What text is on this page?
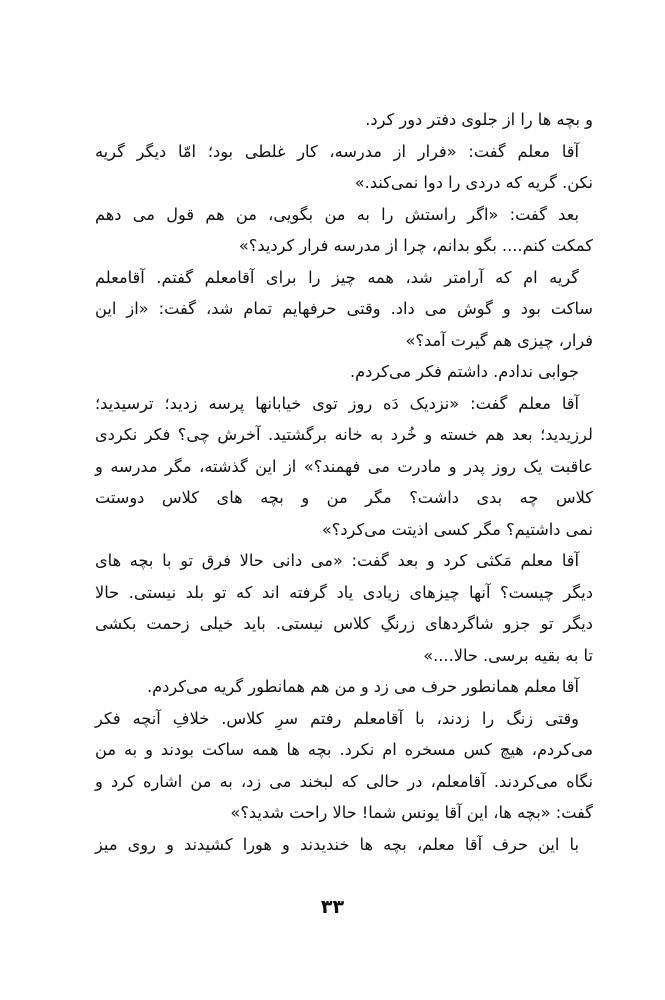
و بچه ها را از جلوی دفتر دور کرد.
آقا معلم گفت: «فرار از مدرسه، کار غلطی بود؛ امّا دیگر گریه
نکن. گریه که دردی را دوا نمی‌کند.»
بعد گفت: «اگر راستش را به من بگویی، من هم قول می دهم
کمکت کنم.... بگو بدانم، چرا از مدرسه فرار کردید؟»
گریه ام که آرامتر شد، همه چیز را برای آقامعلم گفتم. آقامعلم
ساکت بود و گوش می داد. وقتی حرفهایم تمام شد، گفت: «از این
فرار، چیزی هم گیرت آمد؟»
جوابی ندادم. داشتم فکر می‌کردم.
آقا معلم گفت: «نزدیک دَه روز توی خیابانها پرسه زدید؛ ترسیدید؛
لرزیدید؛ بعد هم خسته و خُرد به خانه برگشتید. آخرش چی؟ فکر نکردی
عاقبت یک روز پدر و مادرت می فهمند؟» از این گذشته، مگر مدرسه و
کلاس چه بدی داشت؟ مگر من و بچه های کلاس دوستت
نمی داشتیم؟ مگر کسی اذیتت می‌کرد؟»
آقا معلم مَکثی کرد و بعد گفت: «می دانی حالا فرق تو با بچه های
دیگر چیست؟ آنها چیزهای زیادی یاد گرفته اند که تو بلد نیستی. حالا
دیگر تو جزو شاگردهای زرنگِ کلاس نیستی. باید خیلی زحمت بکشی
تا به بقیه برسی. حالا....»
آقا معلم همانطور حرف می زد و من هم همانطور گریه می‌کردم.
وقتی زنگ را زدند، با آقامعلم رفتم سرِ کلاس. خلافِ آنچه فکر
می‌کردم، هیچ کس مسخره ام نکرد. بچه ها همه ساکت بودند و به من
نگاه می‌کردند. آقامعلم، در حالی که لبخند می زد، به من اشاره کرد و
گفت: «بچه ها، این آقا یونس شما! حالا راحت شدید؟»
با این حرف آقا معلم، بچه ها خندیدند و هورا کشیدند و روی میز
۳۳
